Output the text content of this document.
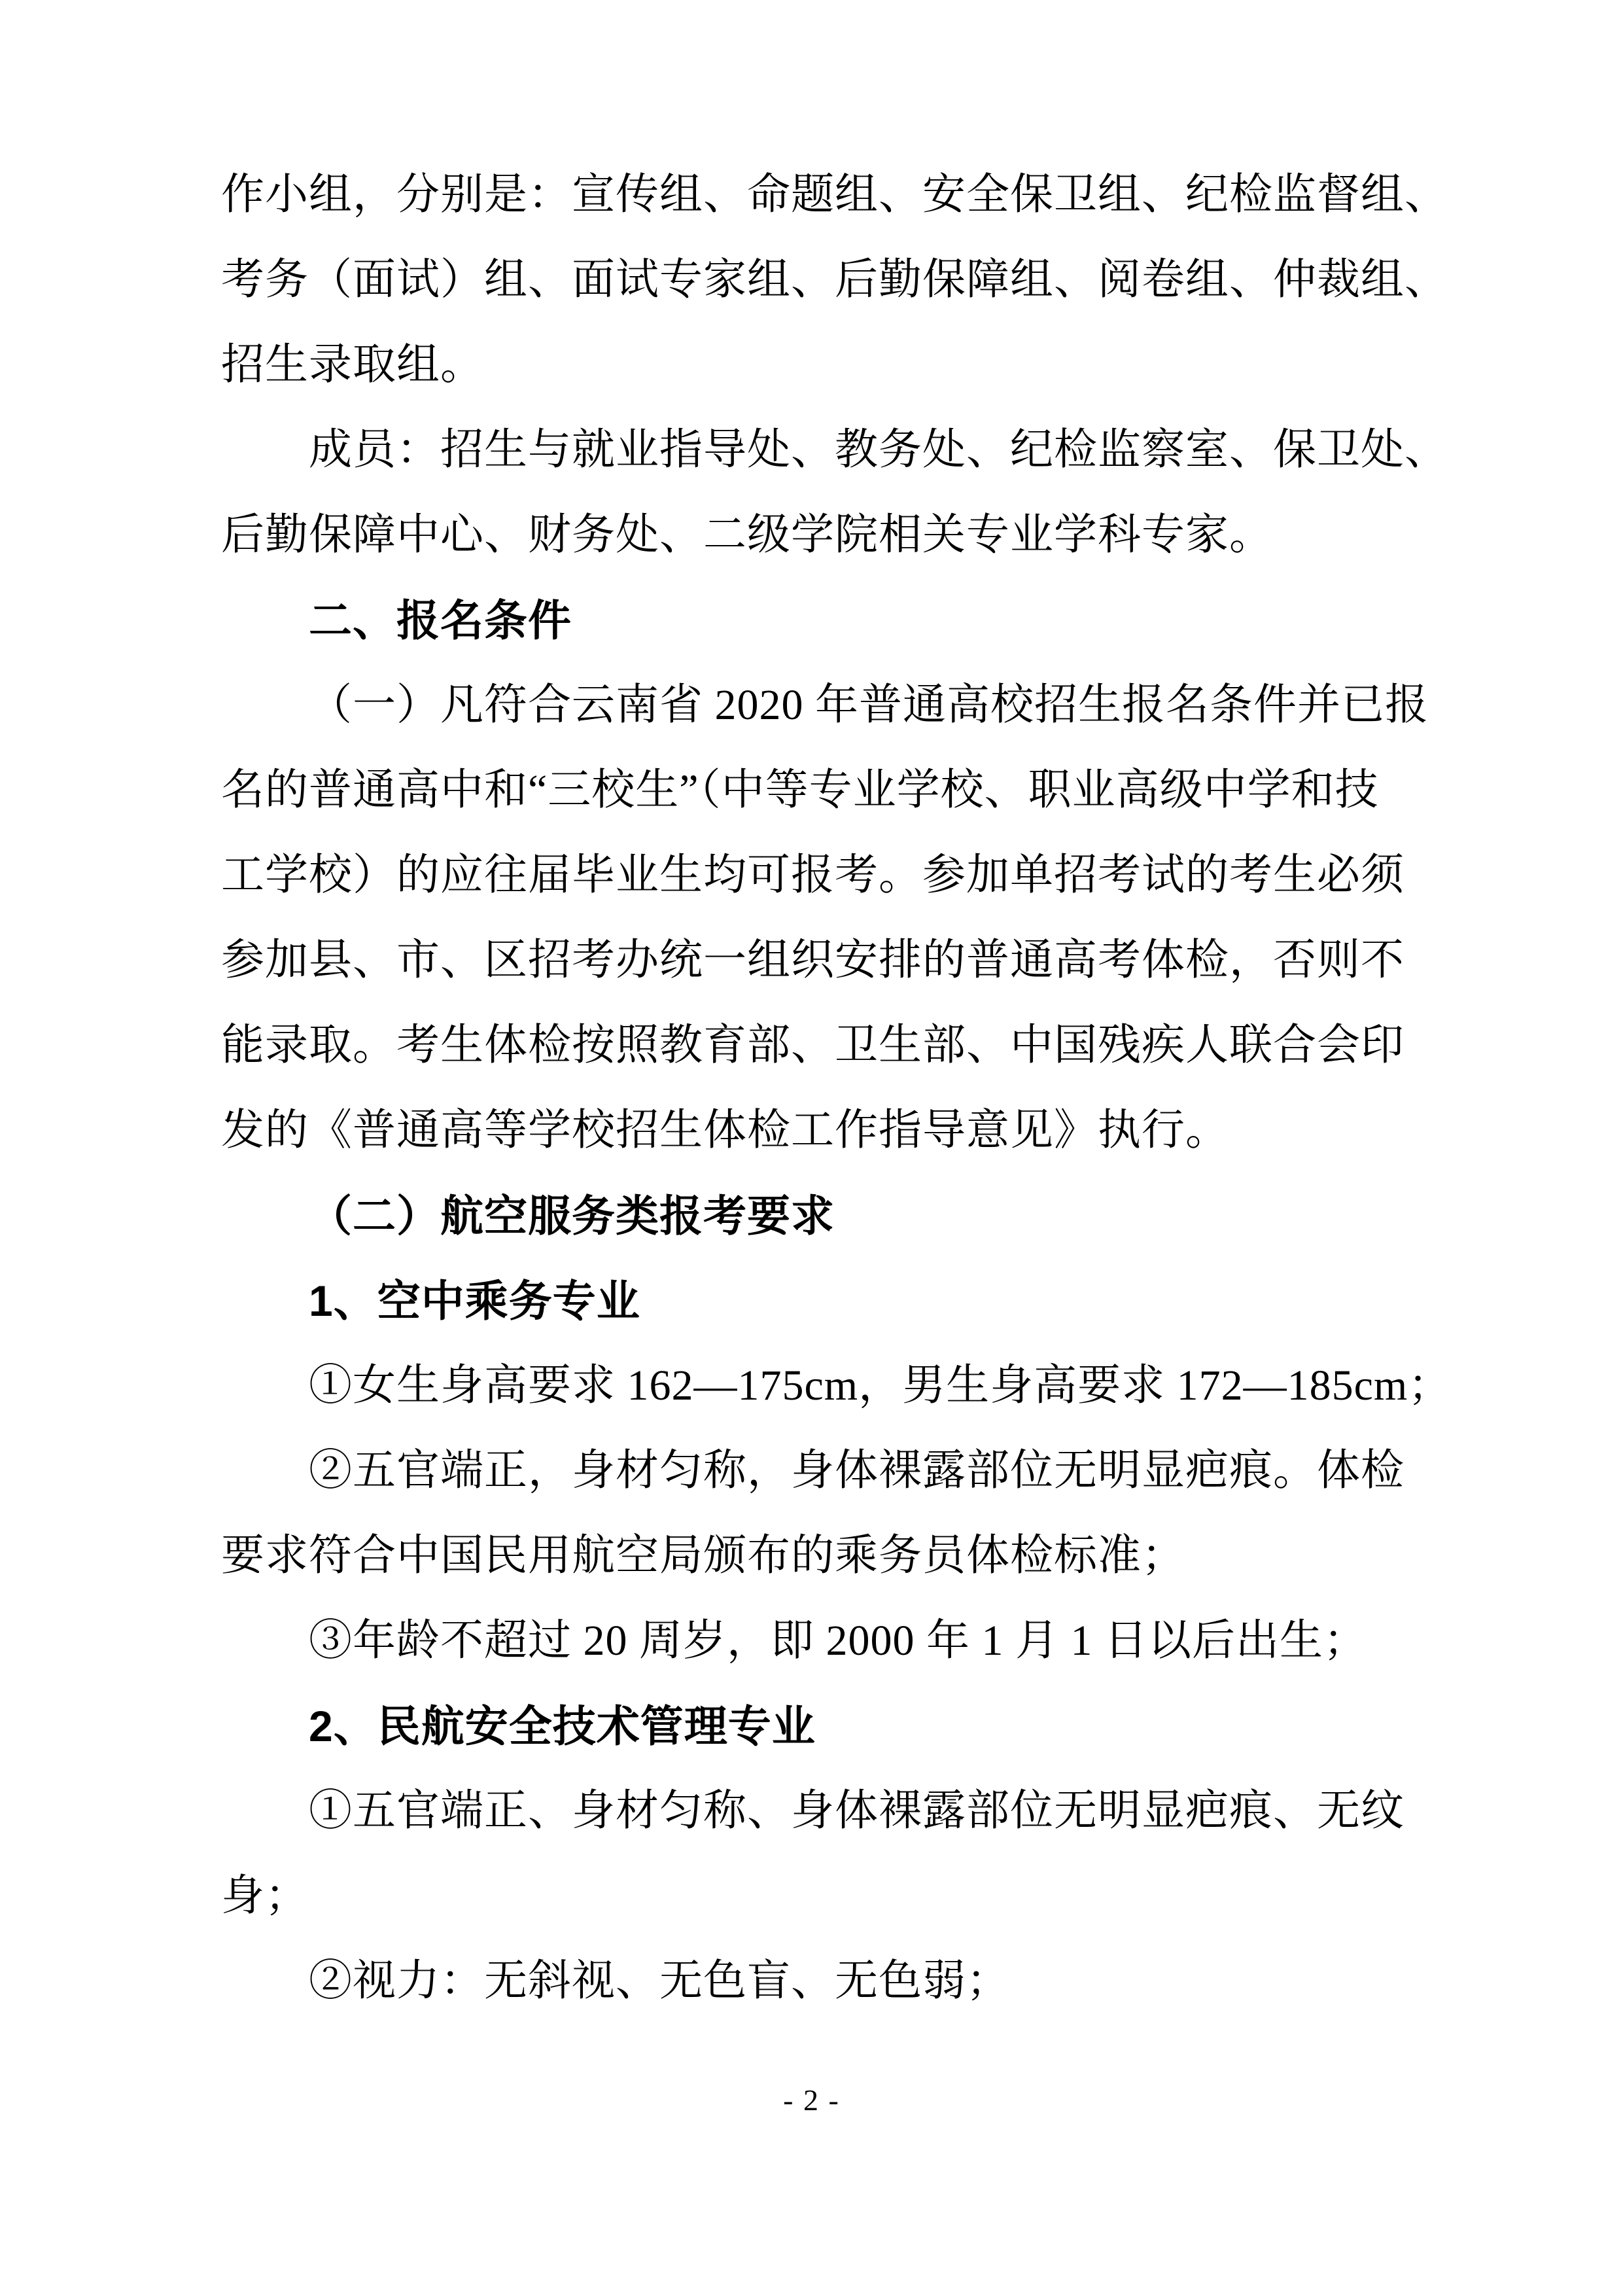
作小组，分别是：宣传组、命题组、安全保卫组、纪检监督组、
考务（面试）组、面试专家组、后勤保障组、阅卷组、仲裁组、
招生录取组。
成员：招生与就业指导处、教务处、纪检监察室、保卫处、
后勤保障中心、财务处、二级学院相关专业学科专家。
二、报名条件
（一）凡符合云南省 2020 年普通高校招生报名条件并已报
名的普通高中和“三校生”（中等专业学校、职业高级中学和技
工学校）的应往届毕业生均可报考。参加单招考试的考生必须
参加县、市、区招考办统一组织安排的普通高考体检，否则不
能录取。考生体检按照教育部、卫生部、中国残疾人联合会印
发的《普通高等学校招生体检工作指导意见》执行。
（二）航空服务类报考要求
1、空中乘务专业
①女生身高要求 162—175cm，男生身高要求 172—185cm；
②五官端正，身材匀称，身体裸露部位无明显疤痕。体检
要求符合中国民用航空局颁布的乘务员体检标准；
③年龄不超过 20 周岁，即 2000 年 1 月 1 日以后出生；
2、民航安全技术管理专业
①五官端正、身材匀称、身体裸露部位无明显疤痕、无纹
身；
②视力：无斜视、无色盲、无色弱；
- 2 -
